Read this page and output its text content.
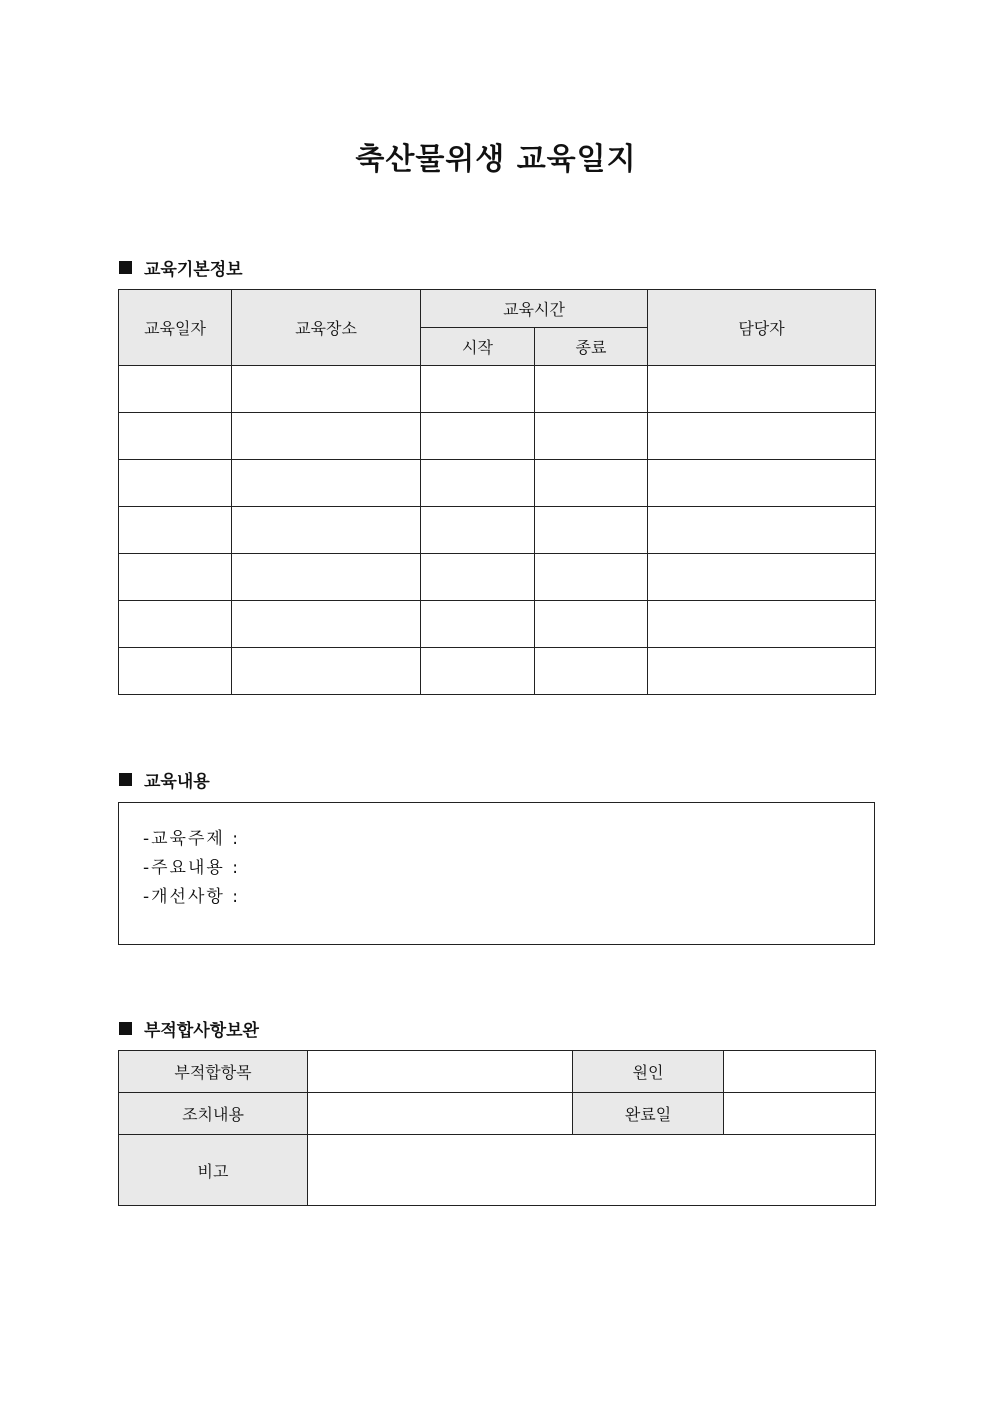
축산물위생 교육일지
교육기본정보
교육일자	교육장소	교육시간		담당자
		시작	종료	

교육내용
-교육주제 :
-주요내용 :
-개선사항 :
부적합사항보완
부적합항목		원인	
조치내용		완료일	
비고			
